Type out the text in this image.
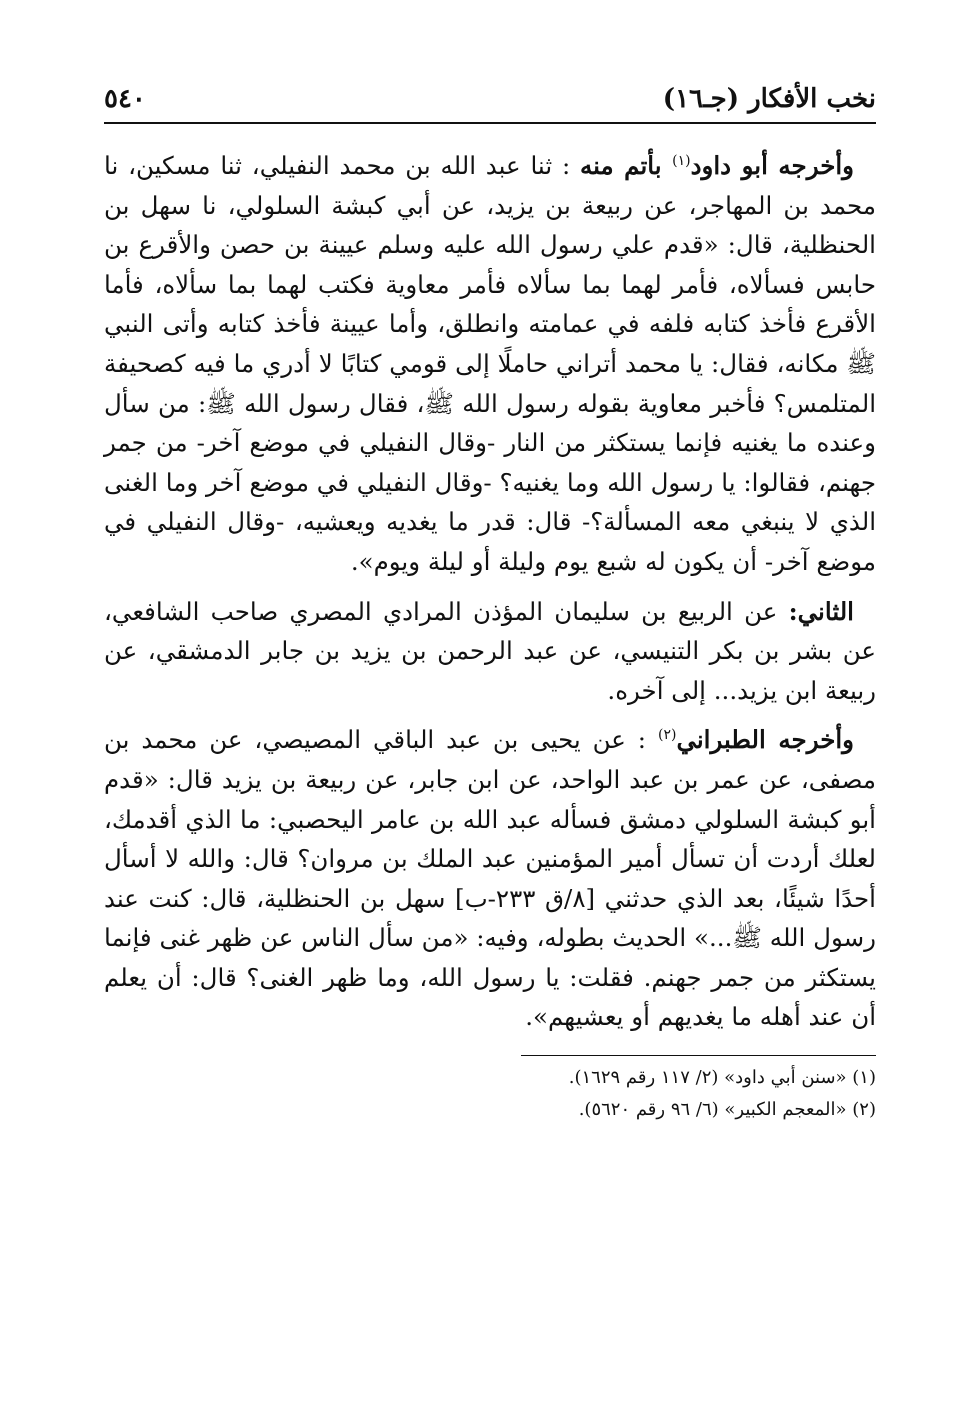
٥٤٠	نخب الأفكار (جـ١٦)

وأخرجه أبو داود$^{(١)}$ بأتم منه : ثنا عبد الله بن محمد النفيلي، ثنا مسكين، نا محمد بن المهاجر، عن ربيعة بن يزيد، عن أبي كبشة السلولي، نا سهل بن الحنظلية، قال: «قدم علي رسول الله عليه وسلم عيينة بن حصن والأقرع بن حابس فسألاه، فأمر لهما بما سألاه فأمر معاوية فكتب لهما بما سألاه، فأما الأقرع فأخذ كتابه فلفه في عمامته وانطلق، وأما عيينة فأخذ كتابه وأتى النبي ﷺ مكانه، فقال: يا محمد أتراني حاملًا إلى قومي كتابًا لا أدري ما فيه كصحيفة المتلمس؟ فأخبر معاوية بقوله رسول الله ﷺ، فقال رسول الله ﷺ: من سأل وعنده ما يغنيه فإنما يستكثر من النار -وقال النفيلي في موضع آخر- من جمر جهنم، فقالوا: يا رسول الله وما يغنيه؟ -وقال النفيلي في موضع آخر وما الغنى الذي لا ينبغي معه المسألة؟- قال: قدر ما يغديه ويعشيه، -وقال النفيلي في موضع آخر- أن يكون له شبع يوم وليلة أو ليلة ويوم».

الثاني: عن الربيع بن سليمان المؤذن المرادي المصري صاحب الشافعي، عن بشر بن بكر التنيسي، عن عبد الرحمن بن يزيد بن جابر الدمشقي، عن ربيعة ابن يزيد... إلى آخره.

وأخرجه الطبراني$^{(٢)}$ : عن يحيى بن عبد الباقي المصيصي، عن محمد بن مصفى، عن عمر بن عبد الواحد، عن ابن جابر، عن ربيعة بن يزيد قال: «قدم أبو كبشة السلولي دمشق فسأله عبد الله بن عامر اليحصبي: ما الذي أقدمك، لعلك أردت أن تسأل أمير المؤمنين عبد الملك بن مروان؟ قال: والله لا أسأل أحدًا شيئًا، بعد الذي حدثني [٨/ق ٢٣٣-ب] سهل بن الحنظلية، قال: كنت عند رسول الله ﷺ...» الحديث بطوله، وفيه: «من سأل الناس عن ظهر غنى فإنما يستكثر من جمر جهنم. فقلت: يا رسول الله، وما ظهر الغنى؟ قال: أن يعلم أن عند أهله ما يغديهم أو يعشيهم».

(١) «سنن أبي داود» (٢/ ١١٧ رقم ١٦٢٩).

(٢) «المعجم الكبير» (٦/ ٩٦ رقم ٥٦٢٠).
